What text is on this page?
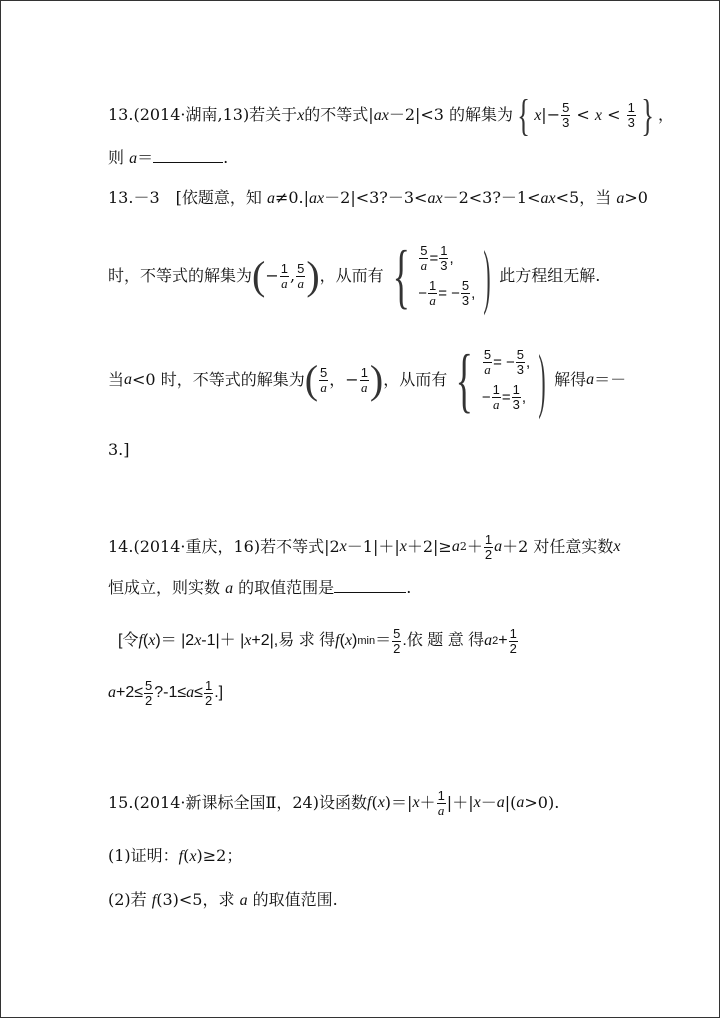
13.(2014·湖南,13)若关于x的不等式|ax－2|<3 的解集为{ $x|- \frac{5}{3} < x < \frac{1}{3}$ } ，
则 a＝	.
13.－3　[依题意，知 a≠0.|ax－2|<3?－3<ax－2<3?－1<ax<5，当 a>0
时，不等式的解集为 ( − $\frac{1}{a}$ , $\frac{5}{a}$ ) ，从而有 { $\frac{5}{a} = \frac{1}{3}$ ,
− $\frac{1}{a}$ = − $\frac{5}{3}$ , ) 此方程组无解.
当 a <0 时，不等式的解集为 ( $\frac{5}{a}$ ，− $\frac{1}{a}$ ) ，从而有 { $\frac{5}{a}$ = − $\frac{5}{3}$ ,
− $\frac{1}{a} = \frac{1}{3}$ , ) 解得 a ＝－
3.]
14.(2014·重庆，16)若不等式|2 x －1|＋| x ＋2|≥ a $2 + \frac{1}{2}$ a ＋2 对任意实数 x
恒成立，则实数 a 的取值范围是	.
[令 f ( x )＝ |2 x -1|＋ | x +2|,易 求 得 f ( x ) $\min = \frac{5}{2}$ .依 题 意 得 a $2 + \frac{1}{2}$
$a +2\le \frac{5}{2}$ ?-1≤ $a \le \frac{1}{2}$ .]
15.(2014·新课标全国Ⅱ，24)设函数 f ( x )＝| $x + \frac{1}{a}$ |＋| x － a |( a >0).
(1)证明：f(x)≥2；
(2)若 f(3)<5，求 a 的取值范围.
